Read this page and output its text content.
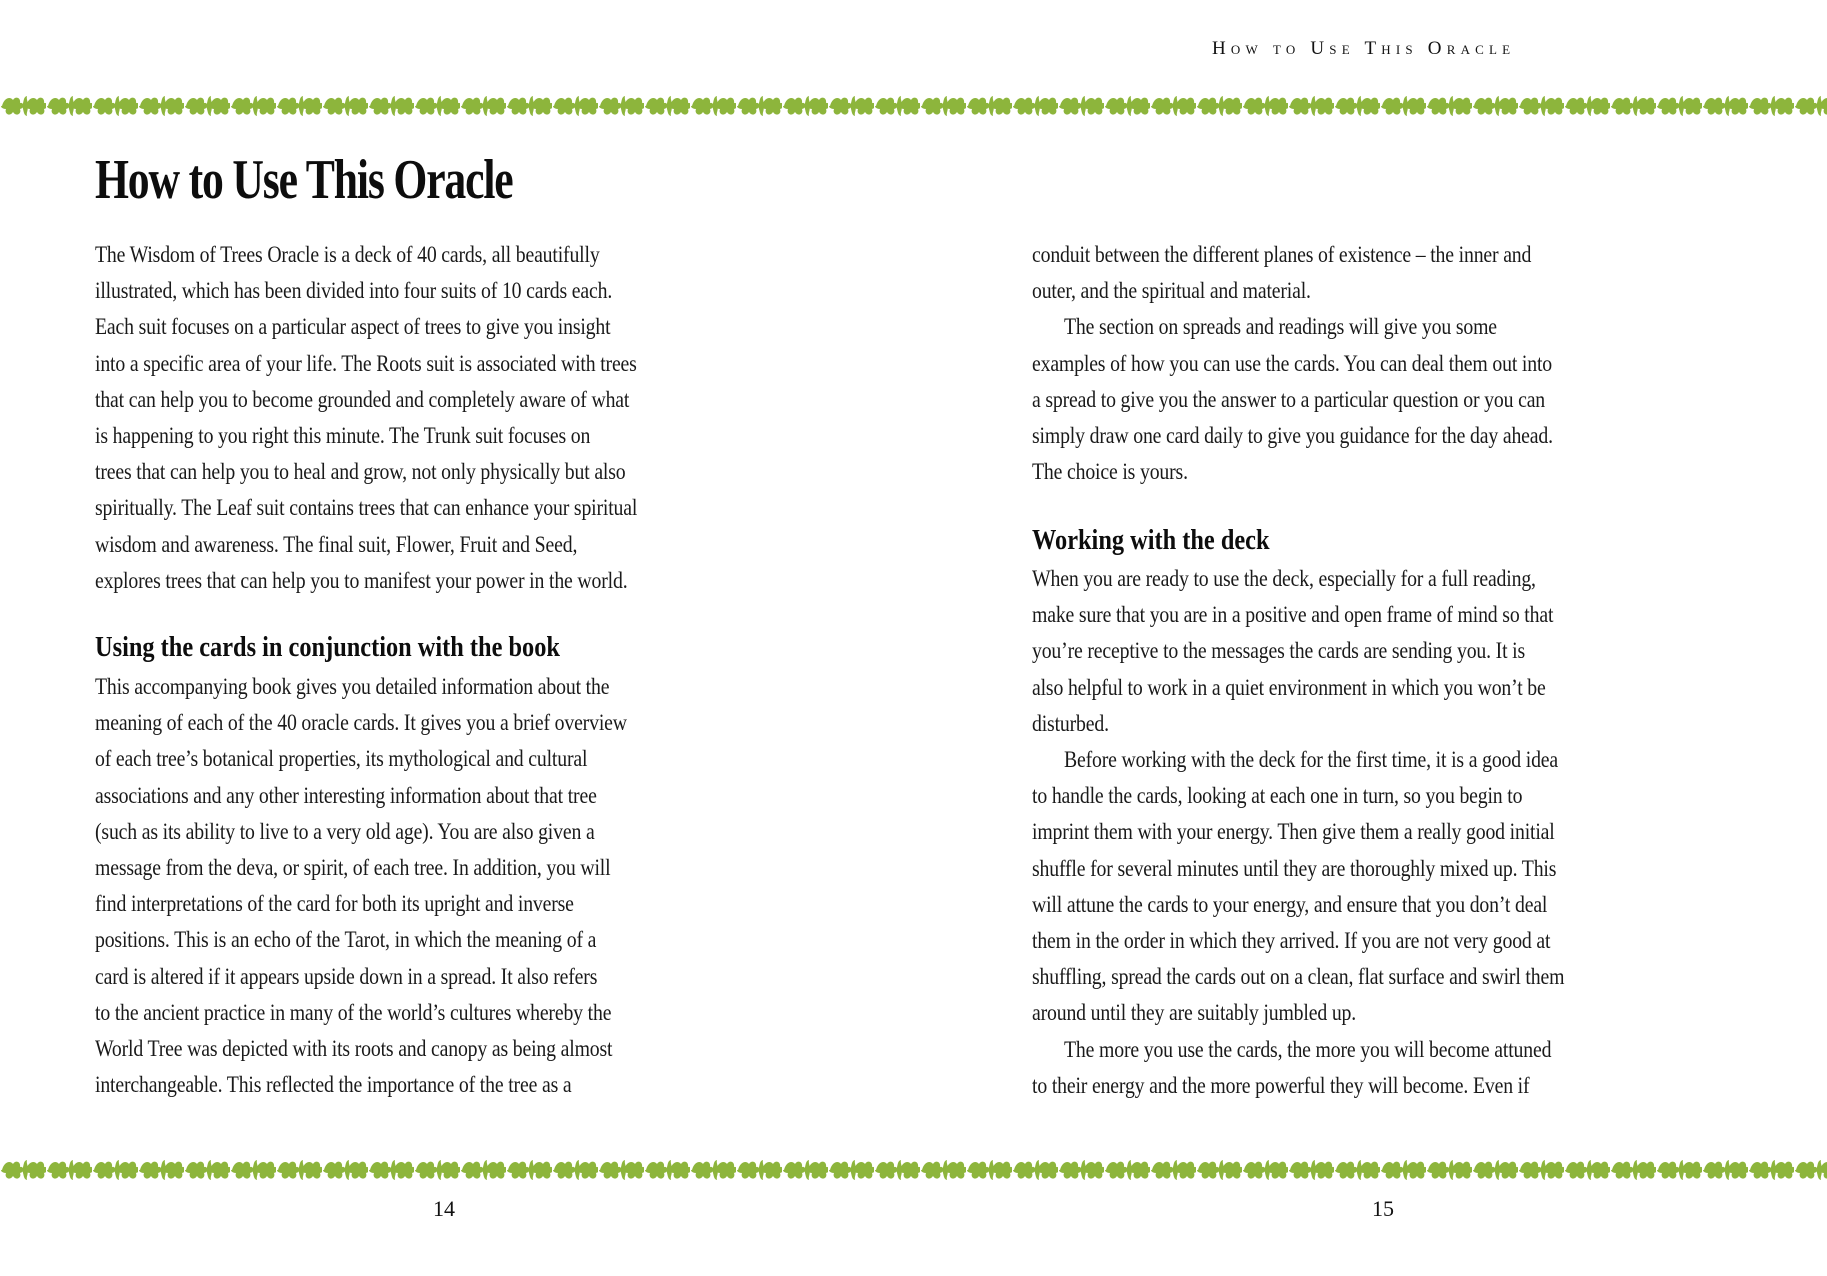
How to Use This Oracle
How to Use This Oracle
The Wisdom of Trees Oracle is a deck of 40 cards, all beautifully
illustrated, which has been divided into four suits of 10 cards each.
Each suit focuses on a particular aspect of trees to give you insight
into a specific area of your life. The Roots suit is associated with trees
that can help you to become grounded and completely aware of what
is happening to you right this minute. The Trunk suit focuses on
trees that can help you to heal and grow, not only physically but also
spiritually. The Leaf suit contains trees that can enhance your spiritual
wisdom and awareness. The final suit, Flower, Fruit and Seed,
explores trees that can help you to manifest your power in the world.
Using the cards in conjunction with the book
This accompanying book gives you detailed information about the
meaning of each of the 40 oracle cards. It gives you a brief overview
of each tree’s botanical properties, its mythological and cultural
associations and any other interesting information about that tree
(such as its ability to live to a very old age). You are also given a
message from the deva, or spirit, of each tree. In addition, you will
find interpretations of the card for both its upright and inverse
positions. This is an echo of the Tarot, in which the meaning of a
card is altered if it appears upside down in a spread. It also refers
to the ancient practice in many of the world’s cultures whereby the
World Tree was depicted with its roots and canopy as being almost
interchangeable. This reflected the importance of the tree as a
conduit between the different planes of existence – the inner and
outer, and the spiritual and material.
The section on spreads and readings will give you some
examples of how you can use the cards. You can deal them out into
a spread to give you the answer to a particular question or you can
simply draw one card daily to give you guidance for the day ahead.
The choice is yours.
Working with the deck
When you are ready to use the deck, especially for a full reading,
make sure that you are in a positive and open frame of mind so that
you’re receptive to the messages the cards are sending you. It is
also helpful to work in a quiet environment in which you won’t be
disturbed.
Before working with the deck for the first time, it is a good idea
to handle the cards, looking at each one in turn, so you begin to
imprint them with your energy. Then give them a really good initial
shuffle for several minutes until they are thoroughly mixed up. This
will attune the cards to your energy, and ensure that you don’t deal
them in the order in which they arrived. If you are not very good at
shuffling, spread the cards out on a clean, flat surface and swirl them
around until they are suitably jumbled up.
The more you use the cards, the more you will become attuned
to their energy and the more powerful they will become. Even if
14	15
